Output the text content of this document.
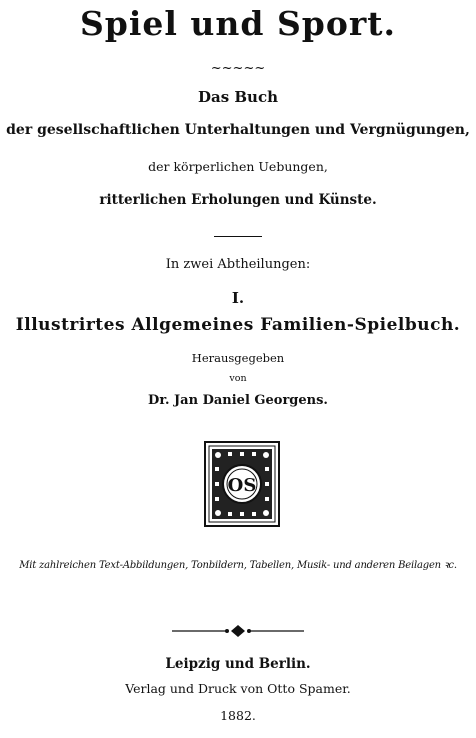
Spiel und Sport.
~~~~~
Das Buch
der gesellschaftlichen Unterhaltungen und Vergnügungen,
der körperlichen Uebungen,
ritterlichen Erholungen und Künste.
In zwei Abtheilungen:
I.
Illustrirtes Allgemeines Familien-Spielbuch.
Herausgegeben
von
Dr. Jan Daniel Georgens.
OS
Mit zahlreichen Text-Abbildungen, Tonbildern, Tabellen, Musik- und anderen Beilagen ꝛc.
Leipzig und Berlin.
Verlag und Druck von Otto Spamer.
1882.
